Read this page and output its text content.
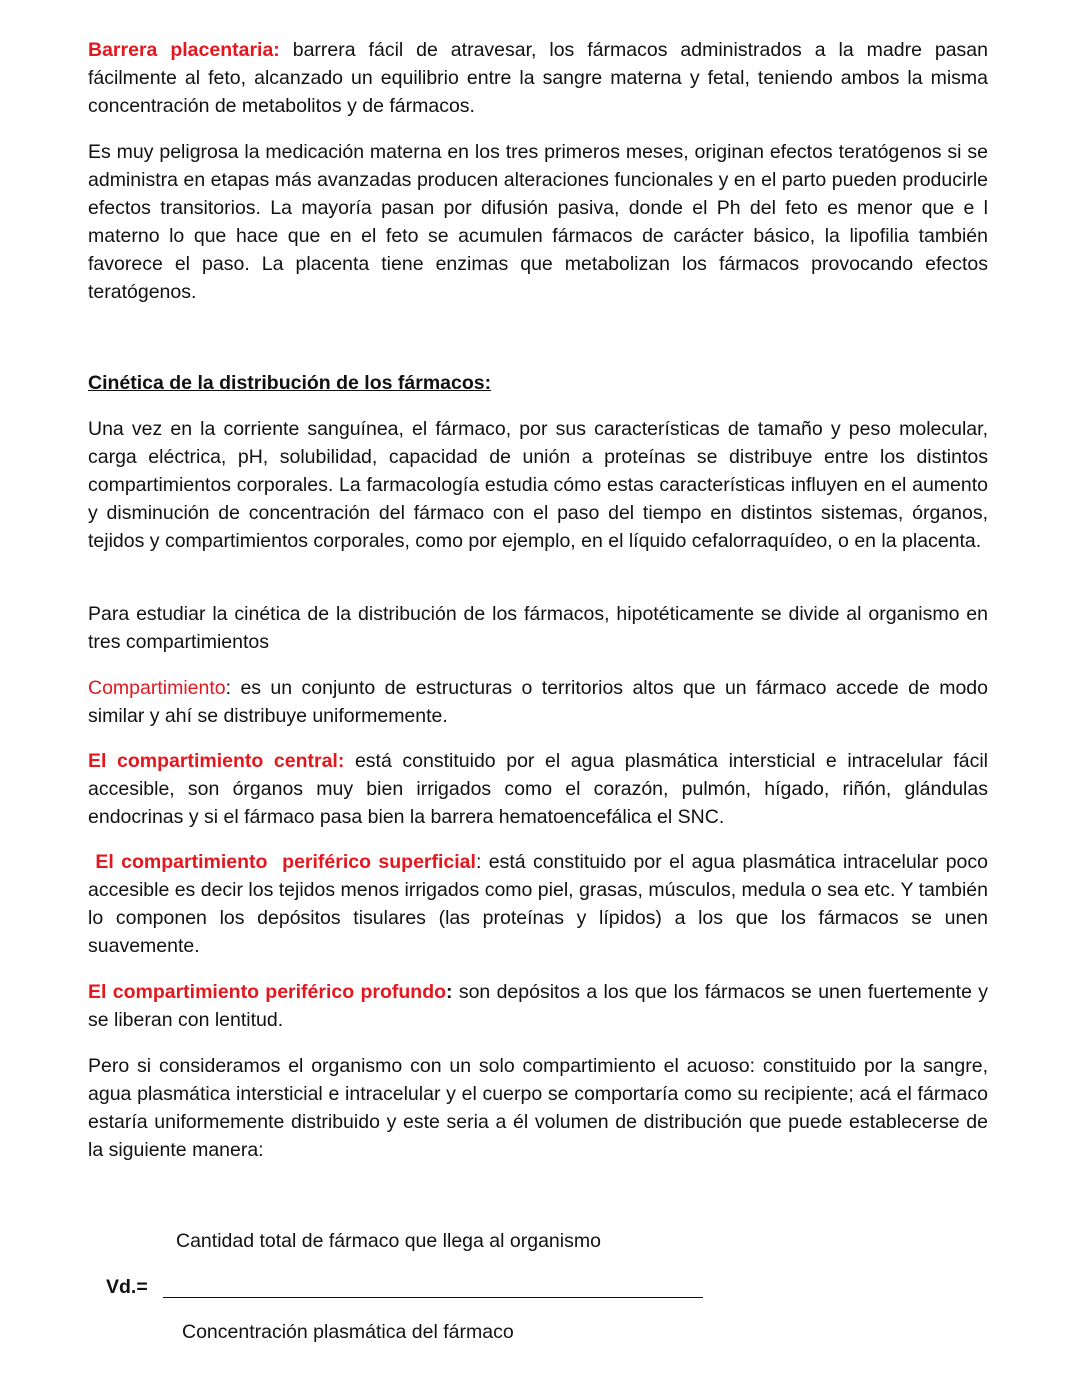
Barrera placentaria: barrera fácil de atravesar, los fármacos administrados a la madre pasan fácilmente al feto, alcanzado un equilibrio entre la sangre materna y fetal, teniendo ambos la misma concentración de metabolitos y de fármacos.

Es muy peligrosa la medicación materna en los tres primeros meses, originan efectos teratógenos si se administra en etapas más avanzadas producen alteraciones funcionales y en el parto pueden producirle efectos transitorios. La mayoría pasan por difusión pasiva, donde el Ph del feto es menor que e l materno lo que hace que en el feto se acumulen fármacos de carácter básico, la lipofilia también favorece el paso. La placenta tiene enzimas que metabolizan los fármacos provocando efectos teratógenos.

Cinética de la distribución de los fármacos:

Una vez en la corriente sanguínea, el fármaco, por sus características de tamaño y peso molecular, carga eléctrica, pH, solubilidad, capacidad de unión a proteínas se distribuye entre los distintos compartimientos corporales. La farmacología estudia cómo estas características influyen en el aumento y disminución de concentración del fármaco con el paso del tiempo en distintos sistemas, órganos, tejidos y compartimientos corporales, como por ejemplo, en el líquido cefalorraquídeo, o en la placenta.

Para estudiar la cinética de la distribución de los fármacos, hipotéticamente se divide al organismo en tres compartimientos

Compartimiento: es un conjunto de estructuras o territorios altos que un fármaco accede de modo similar y ahí se distribuye uniformemente.

El compartimiento central: está constituido por el agua plasmática intersticial e intracelular fácil accesible, son órganos muy bien irrigados como el corazón, pulmón, hígado, riñón, glándulas endocrinas y si el fármaco pasa bien la barrera hematoencefálica el SNC.

El compartimiento  periférico superficial: está constituido por el agua plasmática intracelular poco accesible es decir los tejidos menos irrigados como piel, grasas, músculos, medula o sea etc. Y también lo componen los depósitos tisulares (las proteínas y lípidos) a los que los fármacos se unen suavemente.

El compartimiento periférico profundo: son depósitos a los que los fármacos se unen fuertemente y se liberan con lentitud.

Pero si consideramos el organismo con un solo compartimiento el acuoso: constituido por la sangre, agua plasmática intersticial e intracelular y el cuerpo se comportaría como su recipiente; acá el fármaco estaría uniformemente distribuido y este seria a él volumen de distribución que puede establecerse de la siguiente manera:

Cantidad total de fármaco que llega al organismo
Vd.=
Concentración plasmática del fármaco
